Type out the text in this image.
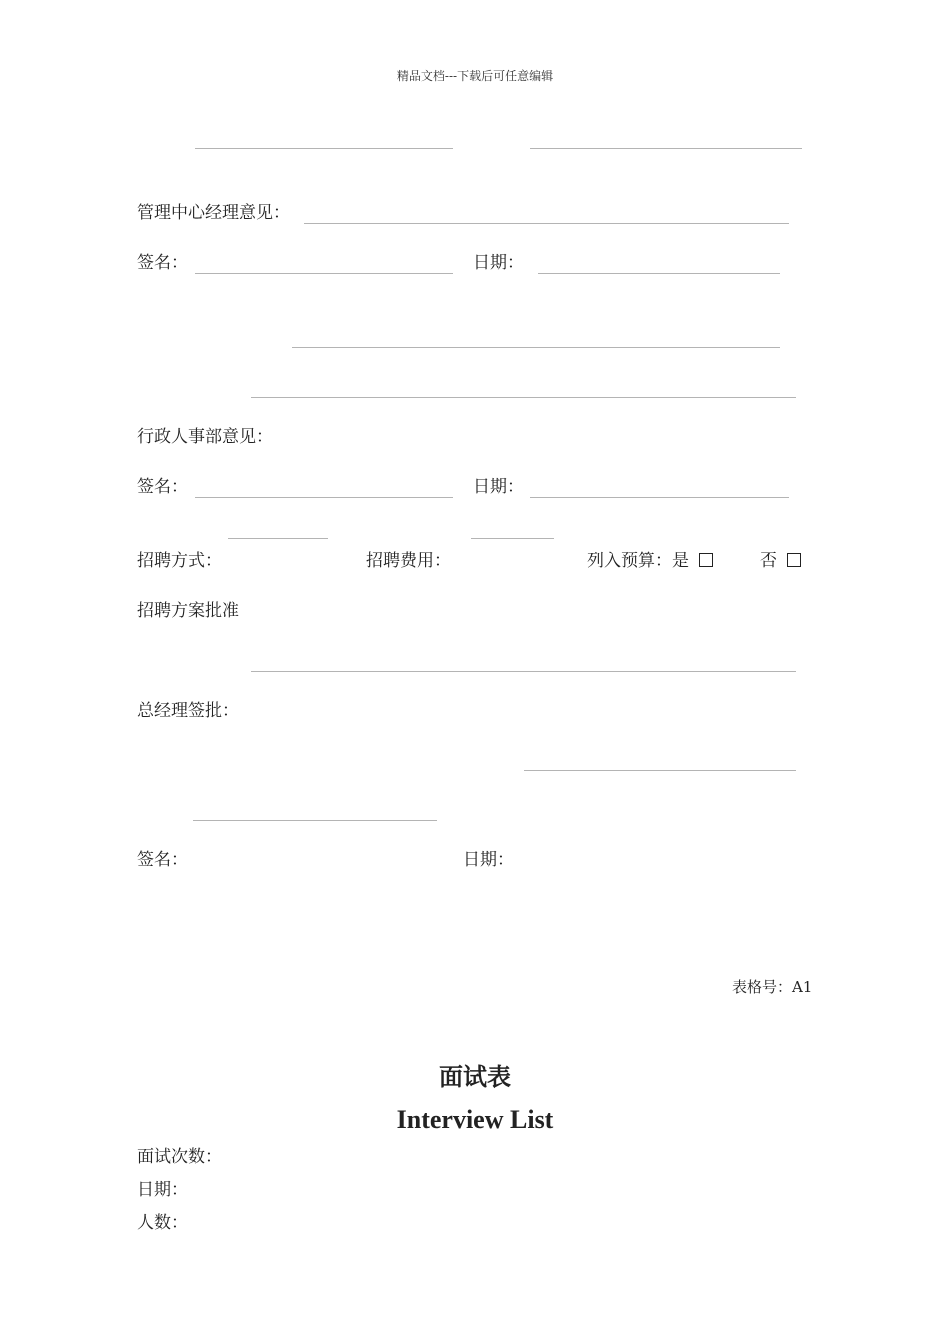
精品文档---下载后可任意编辑
管理中心经理意见：
签名：	日期：
行政人事部意见：
签名：	日期：
招聘方式：	招聘费用：	列入预算：是	否
招聘方案批准
总经理签批：
签名：	日期：
表格号：A1
面试表
Interview List
面试次数：
日期：
人数：
